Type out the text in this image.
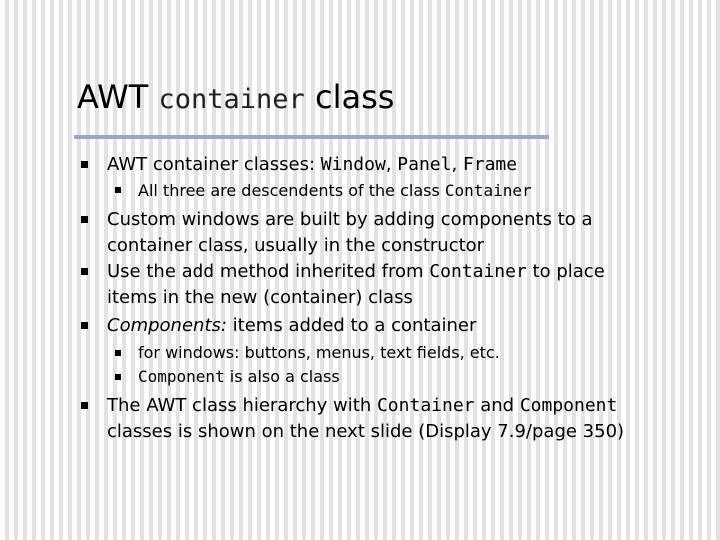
AWT container class
AWT container classes: Window, Panel, Frame
All three are descendents of the class Container
Custom windows are built by adding components to a
container class, usually in the constructor
Use the add method inherited from Container to place
items in the new (container) class
Components: items added to a container
for windows: buttons, menus, text fields, etc.
Component is also a class
The AWT class hierarchy with Container and Component
classes is shown on the next slide (Display 7.9/page 350)
